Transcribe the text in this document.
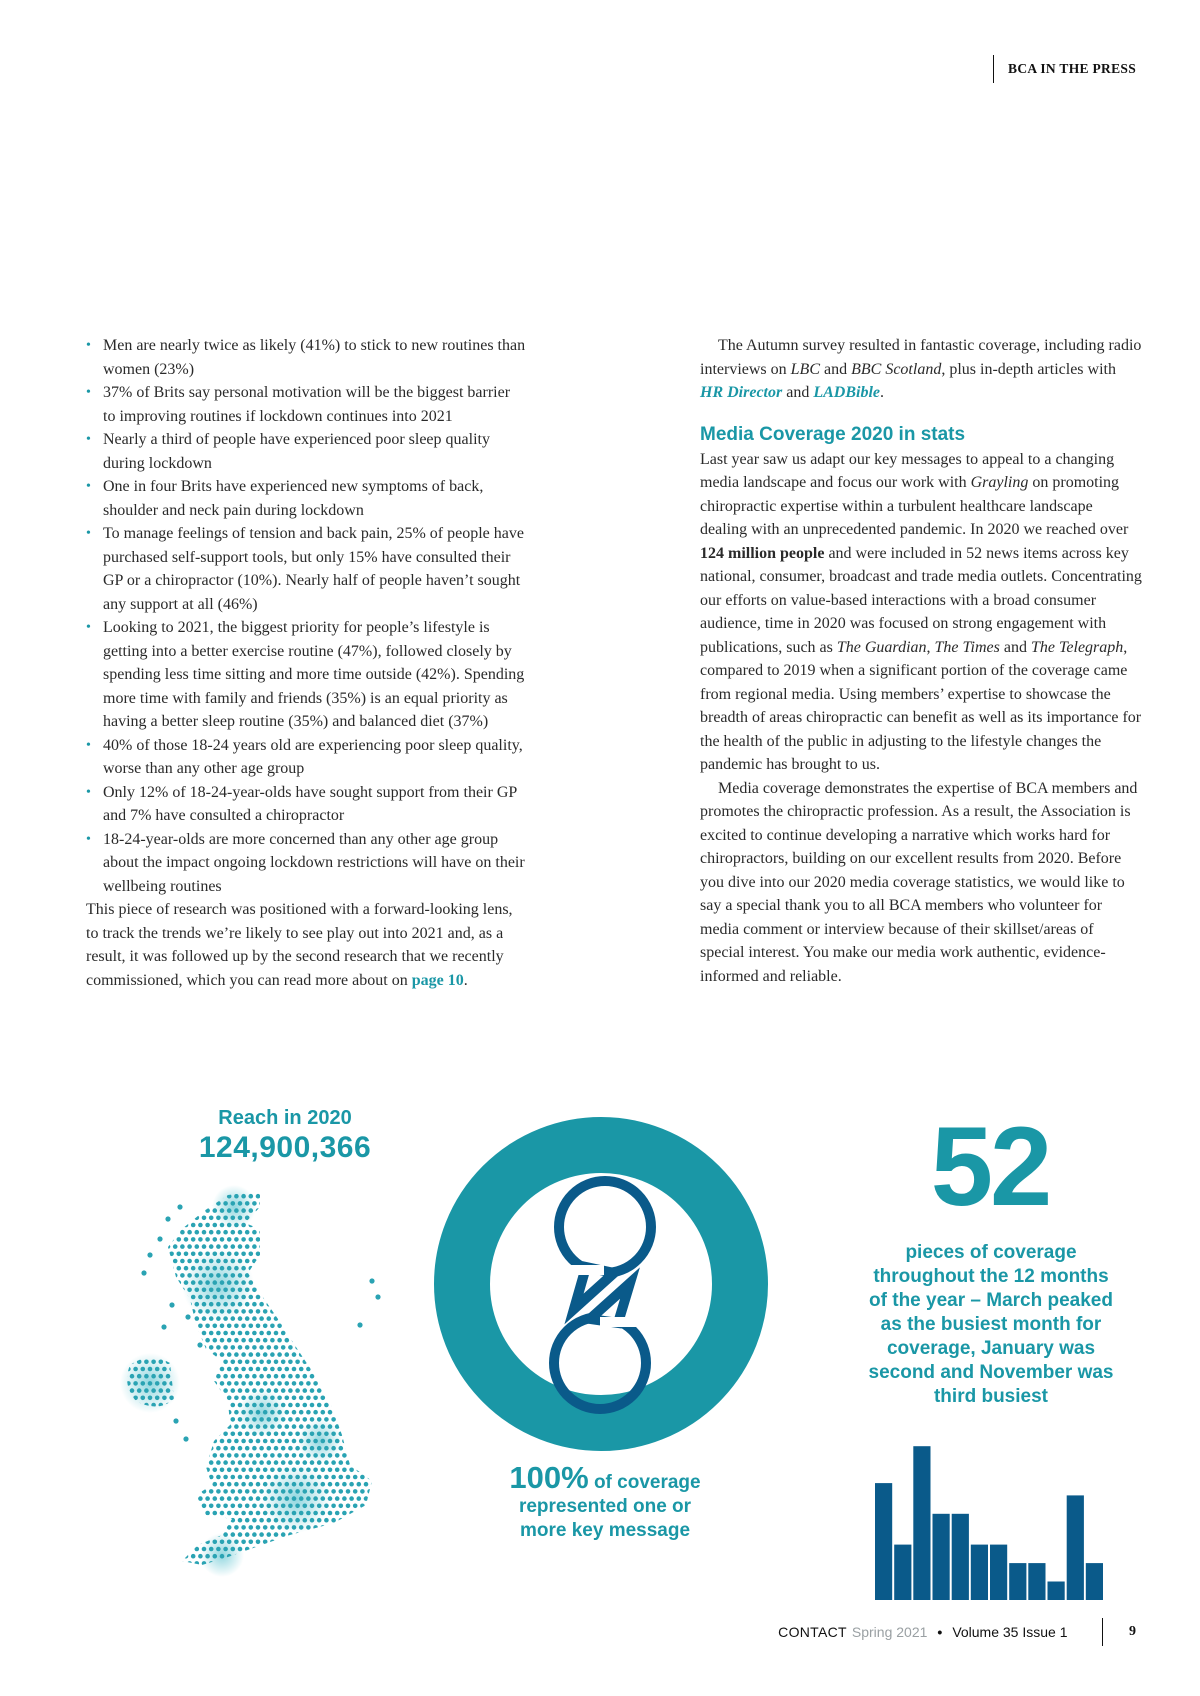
BCA IN THE PRESS
• Men are nearly twice as likely (41%) to stick to new routines than women (23%)
• 37% of Brits say personal motivation will be the biggest barrier to improving routines if lockdown continues into 2021
• Nearly a third of people have experienced poor sleep quality during lockdown
• One in four Brits have experienced new symptoms of back, shoulder and neck pain during lockdown
• To manage feelings of tension and back pain, 25% of people have purchased self-support tools, but only 15% have consulted their GP or a chiropractor (10%). Nearly half of people haven’t sought any support at all (46%)
• Looking to 2021, the biggest priority for people’s lifestyle is getting into a better exercise routine (47%), followed closely by spending less time sitting and more time outside (42%). Spending more time with family and friends (35%) is an equal priority as having a better sleep routine (35%) and balanced diet (37%)
• 40% of those 18-24 years old are experiencing poor sleep quality, worse than any other age group
• Only 12% of 18-24-year-olds have sought support from their GP and 7% have consulted a chiropractor
• 18-24-year-olds are more concerned than any other age group about the impact ongoing lockdown restrictions will have on their wellbeing routines

This piece of research was positioned with a forward-looking lens, to track the trends we’re likely to see play out into 2021 and, as a result, it was followed up by the second research that we recently commissioned, which you can read more about on page 10.

The Autumn survey resulted in fantastic coverage, including radio interviews on LBC and BBC Scotland, plus in-depth articles with HR Director and LADBible.

Media Coverage 2020 in stats

Last year saw us adapt our key messages to appeal to a changing media landscape and focus our work with Grayling on promoting chiropractic expertise within a turbulent healthcare landscape dealing with an unprecedented pandemic. In 2020 we reached over 124 million people and were included in 52 news items across key national, consumer, broadcast and trade media outlets. Concentrating our efforts on value-based interactions with a broad consumer audience, time in 2020 was focused on strong engagement with publications, such as The Guardian, The Times and The Telegraph, compared to 2019 when a significant portion of the coverage came from regional media. Using members’ expertise to showcase the breadth of areas chiropractic can benefit as well as its importance for the health of the public in adjusting to the lifestyle changes the pandemic has brought to us.

Media coverage demonstrates the expertise of BCA members and promotes the chiropractic profession. As a result, the Association is excited to continue developing a narrative which works hard for chiropractors, building on our excellent results from 2020. Before you dive into our 2020 media coverage statistics, we would like to say a special thank you to all BCA members who volunteer for media comment or interview because of their skillset/areas of special interest. You make our media work authentic, evidence-informed and reliable.

Reach in 2020
124,900,366
100% of coverage
represented one or
more key message
52
pieces of coverage throughout the 12 months of the year – March peaked as the busiest month for coverage, January was second and November was third busiest
CONTACT Spring 2021 • Volume 35 Issue 1	9
